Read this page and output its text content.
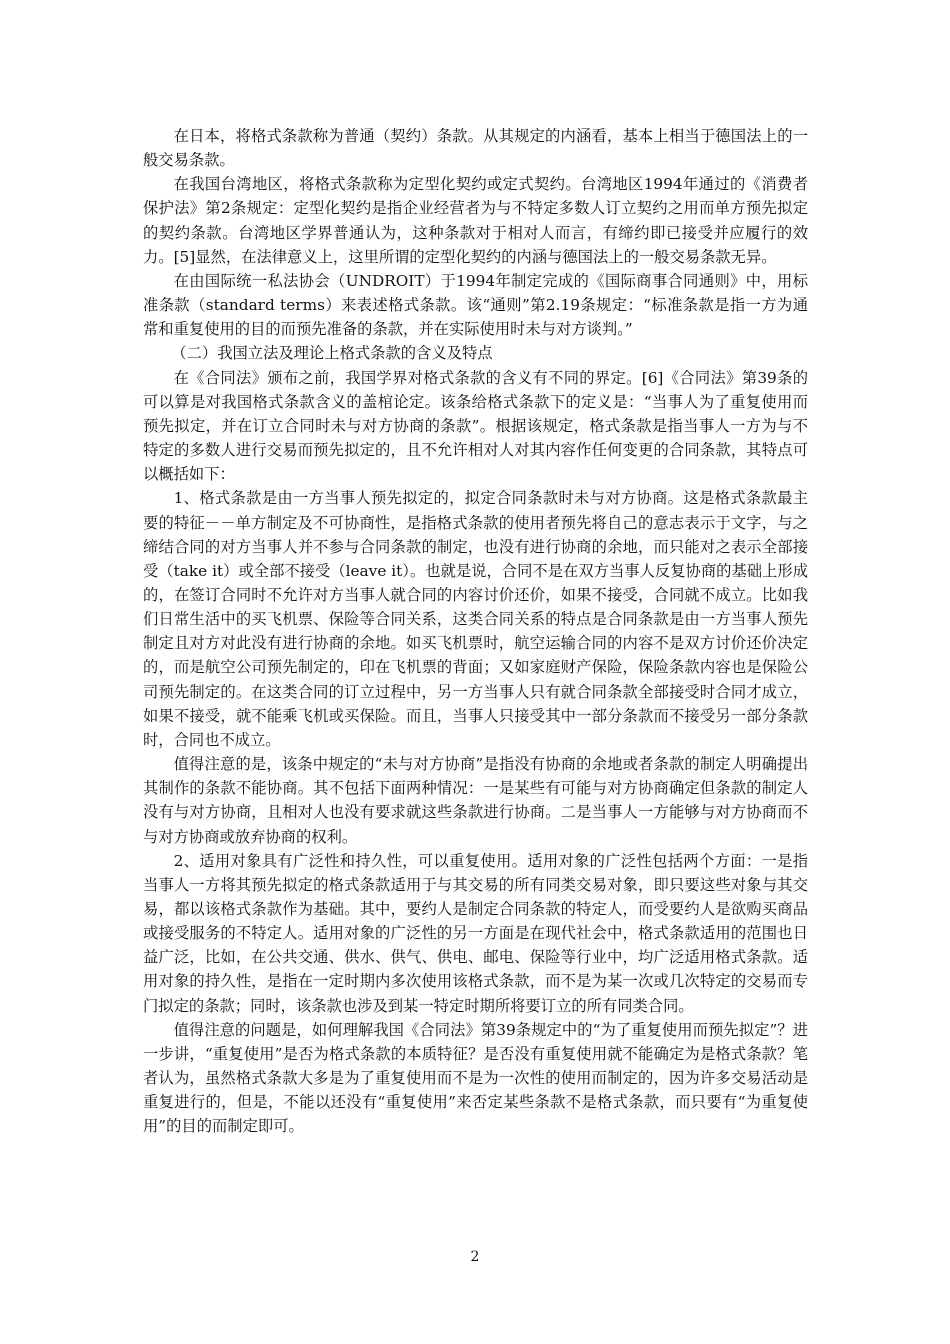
在日本，将格式条款称为普通（契约）条款。从其规定的内涵看，基本上相当于德国法上的一般交易条款。

在我国台湾地区，将格式条款称为定型化契约或定式契约。台湾地区1994年通过的《消费者保护法》第2条规定：定型化契约是指企业经营者为与不特定多数人订立契约之用而单方预先拟定的契约条款。台湾地区学界普通认为，这种条款对于相对人而言，有缔约即已接受并应履行的效力。[5]显然，在法律意义上，这里所谓的定型化契约的内涵与德国法上的一般交易条款无异。

在由国际统一私法协会（UNDROIT）于1994年制定完成的《国际商事合同通则》中，用标准条款（standard terms）来表述格式条款。该“通则”第2.19条规定：“标准条款是指一方为通常和重复使用的目的而预先准备的条款，并在实际使用时未与对方谈判。”

（二）我国立法及理论上格式条款的含义及特点

在《合同法》颁布之前，我国学界对格式条款的含义有不同的界定。[6]《合同法》第39条的可以算是对我国格式条款含义的盖棺论定。该条给格式条款下的定义是：“当事人为了重复使用而预先拟定，并在订立合同时未与对方协商的条款”。根据该规定，格式条款是指当事人一方为与不特定的多数人进行交易而预先拟定的，且不允许相对人对其内容作任何变更的合同条款，其特点可以概括如下：

1、格式条款是由一方当事人预先拟定的，拟定合同条款时未与对方协商。这是格式条款最主要的特征－－单方制定及不可协商性，是指格式条款的使用者预先将自己的意志表示于文字，与之缔结合同的对方当事人并不参与合同条款的制定，也没有进行协商的余地，而只能对之表示全部接受（take it）或全部不接受（leave it）。也就是说，合同不是在双方当事人反复协商的基础上形成的，在签订合同时不允许对方当事人就合同的内容讨价还价，如果不接受，合同就不成立。比如我们日常生活中的买飞机票、保险等合同关系，这类合同关系的特点是合同条款是由一方当事人预先制定且对方对此没有进行协商的余地。如买飞机票时，航空运输合同的内容不是双方讨价还价决定的，而是航空公司预先制定的，印在飞机票的背面；又如家庭财产保险，保险条款内容也是保险公司预先制定的。在这类合同的订立过程中，另一方当事人只有就合同条款全部接受时合同才成立，如果不接受，就不能乘飞机或买保险。而且，当事人只接受其中一部分条款而不接受另一部分条款时，合同也不成立。

值得注意的是，该条中规定的“未与对方协商”是指没有协商的余地或者条款的制定人明确提出其制作的条款不能协商。其不包括下面两种情况：一是某些有可能与对方协商确定但条款的制定人没有与对方协商，且相对人也没有要求就这些条款进行协商。二是当事人一方能够与对方协商而不与对方协商或放弃协商的权利。

2、适用对象具有广泛性和持久性，可以重复使用。适用对象的广泛性包括两个方面：一是指当事人一方将其预先拟定的格式条款适用于与其交易的所有同类交易对象，即只要这些对象与其交易，都以该格式条款作为基础。其中，要约人是制定合同条款的特定人，而受要约人是欲购买商品或接受服务的不特定人。适用对象的广泛性的另一方面是在现代社会中，格式条款适用的范围也日益广泛，比如，在公共交通、供水、供气、供电、邮电、保险等行业中，均广泛适用格式条款。适用对象的持久性，是指在一定时期内多次使用该格式条款，而不是为某一次或几次特定的交易而专门拟定的条款；同时，该条款也涉及到某一特定时期所将要订立的所有同类合同。

值得注意的问题是，如何理解我国《合同法》第39条规定中的“为了重复使用而预先拟定”？进一步讲，“重复使用”是否为格式条款的本质特征？是否没有重复使用就不能确定为是格式条款？笔者认为，虽然格式条款大多是为了重复使用而不是为一次性的使用而制定的，因为许多交易活动是重复进行的，但是，不能以还没有“重复使用”来否定某些条款不是格式条款，而只要有“为重复使用”的目的而制定即可。

2
